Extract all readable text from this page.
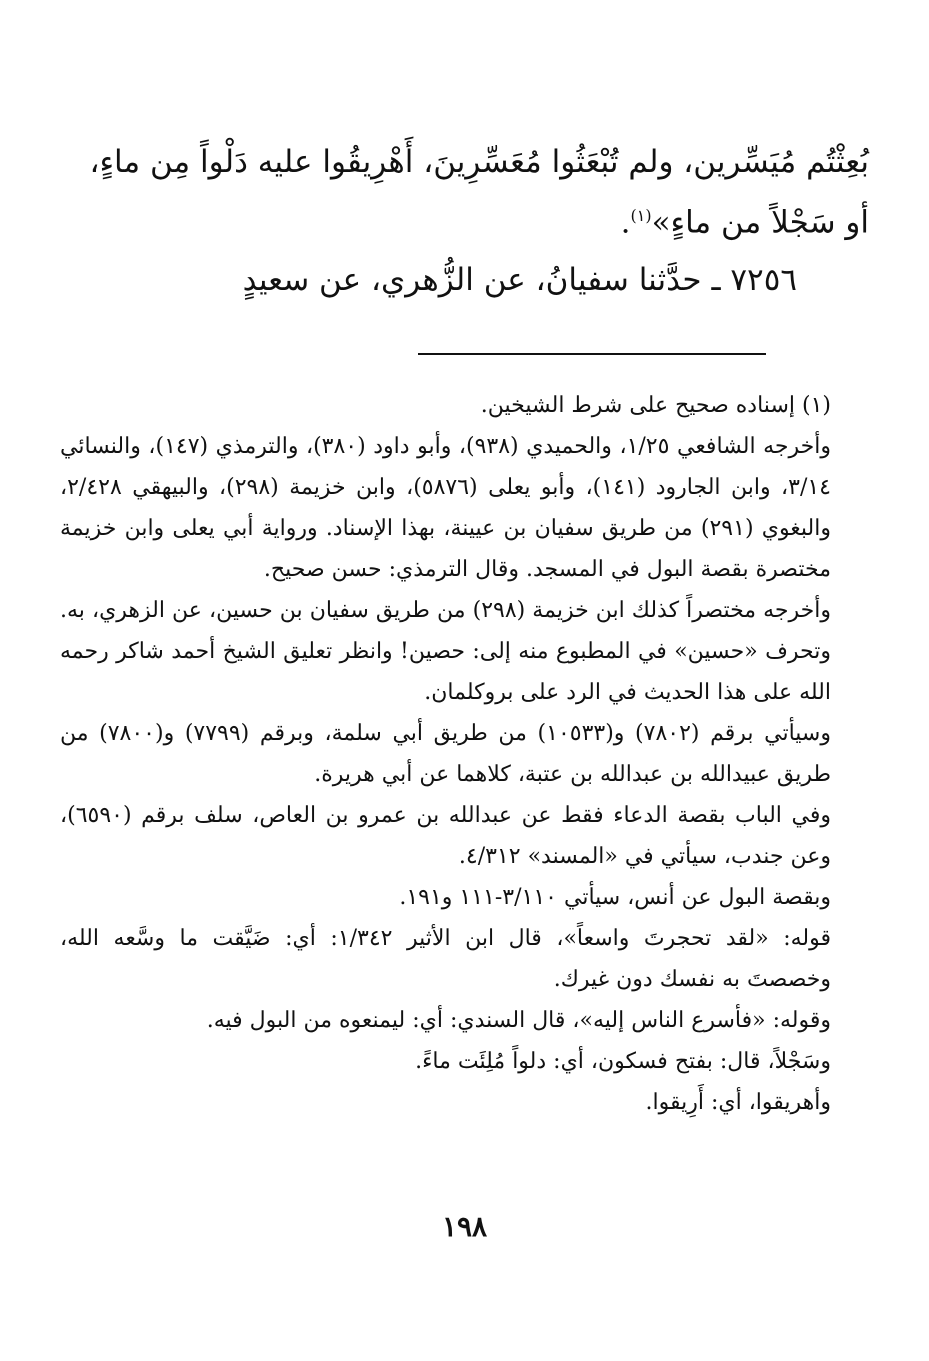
بُعِثْتُم مُيَسِّرين، ولم تُبْعَثُوا مُعَسِّرِينَ، أَهْرِيقُوا عليه دَلْواً مِن ماءٍ،

أو سَجْلاً من ماءٍ»$^{(١)}$.

٧٢٥٦ ـ حدَّثنا سفيانُ، عن الزُّهري، عن سعيدٍ

(١) إسناده صحيح على شرط الشيخين.

وأخرجه الشافعي ١/٢٥، والحميدي (٩٣٨)، وأبو داود (٣٨٠)، والترمذي (١٤٧)، والنسائي ٣/١٤، وابن الجارود (١٤١)، وأبو يعلى (٥٨٧٦)، وابن خزيمة (٢٩٨)، والبيهقي ٢/٤٢٨، والبغوي (٢٩١) من طريق سفيان بن عيينة، بهذا الإسناد. ورواية أبي يعلى وابن خزيمة مختصرة بقصة البول في المسجد. وقال الترمذي: حسن صحيح.

وأخرجه مختصراً كذلك ابن خزيمة (٢٩٨) من طريق سفيان بن حسين، عن الزهري، به. وتحرف «حسين» في المطبوع منه إلى: حصين! وانظر تعليق الشيخ أحمد شاكر رحمه الله على هذا الحديث في الرد على بروكلمان.

وسيأتي برقم (٧٨٠٢) و(١٠٥٣٣) من طريق أبي سلمة، وبرقم (٧٧٩٩) و(٧٨٠٠) من طريق عبيدالله بن عبدالله بن عتبة، كلاهما عن أبي هريرة.

وفي الباب بقصة الدعاء فقط عن عبدالله بن عمرو بن العاص، سلف برقم (٦٥٩٠)، وعن جندب، سيأتي في «المسند» ٤/٣١٢.

وبقصة البول عن أنس، سيأتي ٣/١١٠-١١١ و١٩١.

قوله: «لقد تحجرتَ واسعاً»، قال ابن الأثير ١/٣٤٢: أي: ضَيَّقت ما وسَّعه الله، وخصصتَ به نفسك دون غيرك.

وقوله: «فأسرع الناس إليه»، قال السندي: أي: ليمنعوه من البول فيه.

وسَجْلاً، قال: بفتح فسكون، أي: دلواً مُلِئَت ماءً.

وأهريقوا، أي: أَرِيقوا.

١٩٨
